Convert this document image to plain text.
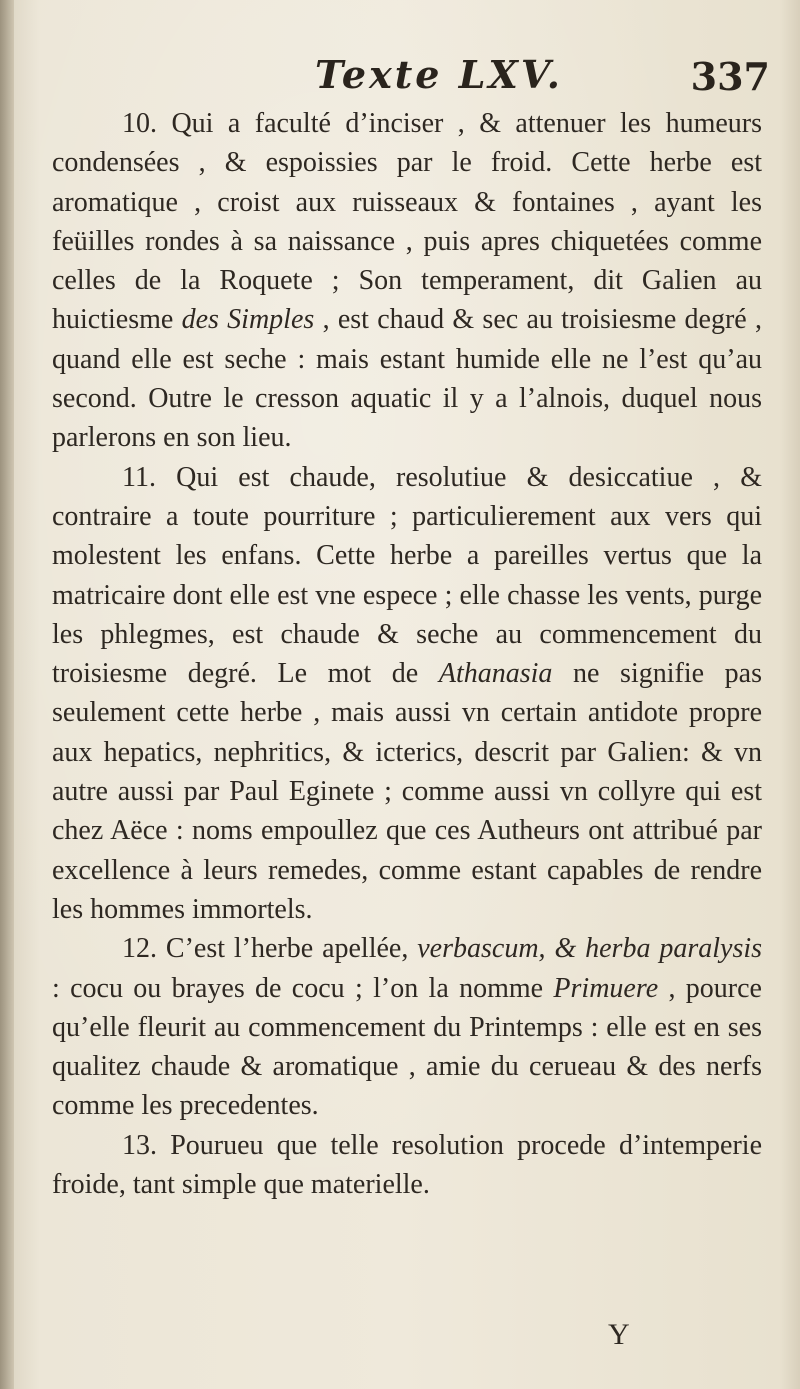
Texte LXV.	337

10. Qui a faculté d’inciser , & attenuer les humeurs condensées , & espoissies par le froid. Cette herbe est aromatique , croist aux ruisseaux & fontaines , ayant les feüilles rondes à sa naissance , puis apres chiquetées comme celles de la Roquete ; Son temperament, dit Galien au huictiesme des Simples , est chaud & sec au troisiesme degré , quand elle est seche : mais estant humide elle ne l’est qu’au second. Outre le cresson aquatic il y a l’alnois, duquel nous parlerons en son lieu.

11. Qui est chaude, resolutiue & desiccatiue , & contraire a toute pourriture ; particulierement aux vers qui molestent les enfans. Cette herbe a pareilles vertus que la matricaire dont elle est vne espece ; elle chasse les vents, purge les phlegmes, est chaude & seche au commencement du troisiesme degré. Le mot de Athanasia ne signifie pas seulement cette herbe , mais aussi vn certain antidote propre aux hepatics, nephritics, & icterics, descrit par Galien: & vn autre aussi par Paul Eginete ; comme aussi vn collyre qui est chez Aëce : noms empoullez que ces Autheurs ont attribué par excellence à leurs remedes, comme estant capables de rendre les hommes immortels.

12. C’est l’herbe apellée, verbascum, & herba paralysis : cocu ou brayes de cocu ; l’on la nomme Primuere , pource qu’elle fleurit au commencement du Printemps : elle est en ses qualitez chaude & aromatique , amie du cerueau & des nerfs comme les precedentes.

13. Pourueu que telle resolution procede d’intemperie froide, tant simple que materielle.

Y
